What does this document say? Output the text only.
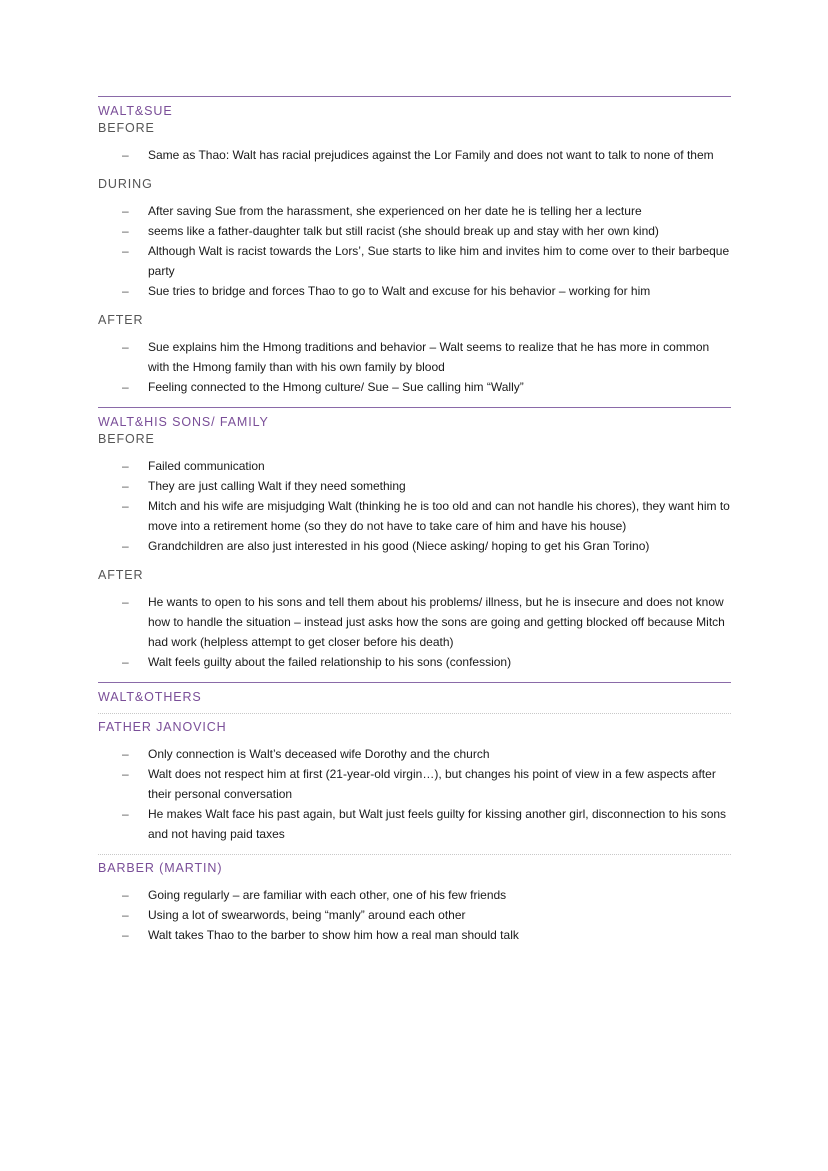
WALT&SUE
BEFORE
– Same as Thao: Walt has racial prejudices against the Lor Family and does not want to talk to none of them
DURING
– After saving Sue from the harassment, she experienced on her date he is telling her a lecture
– seems like a father-daughter talk but still racist (she should break up and stay with her own kind)
– Although Walt is racist towards the Lors’, Sue starts to like him and invites him to come over to their barbeque party
– Sue tries to bridge and forces Thao to go to Walt and excuse for his behavior – working for him
AFTER
– Sue explains him the Hmong traditions and behavior – Walt seems to realize that he has more in common with the Hmong family than with his own family by blood
– Feeling connected to the Hmong culture/ Sue – Sue calling him “Wally”
WALT&HIS SONS/ FAMILY
BEFORE
– Failed communication
– They are just calling Walt if they need something
– Mitch and his wife are misjudging Walt (thinking he is too old and can not handle his chores), they want him to move into a retirement home (so they do not have to take care of him and have his house)
– Grandchildren are also just interested in his good (Niece asking/ hoping to get his Gran Torino)
AFTER
– He wants to open to his sons and tell them about his problems/ illness, but he is insecure and does not know how to handle the situation – instead just asks how the sons are going and getting blocked off because Mitch had work (helpless attempt to get closer before his death)
– Walt feels guilty about the failed relationship to his sons (confession)
WALT&OTHERS
FATHER JANOVICH
– Only connection is Walt’s deceased wife Dorothy and the church
– Walt does not respect him at first (21-year-old virgin…), but changes his point of view in a few aspects after their personal conversation
– He makes Walt face his past again, but Walt just feels guilty for kissing another girl, disconnection to his sons and not having paid taxes
BARBER (MARTIN)
– Going regularly – are familiar with each other, one of his few friends
– Using a lot of swearwords, being “manly” around each other
– Walt takes Thao to the barber to show him how a real man should talk
